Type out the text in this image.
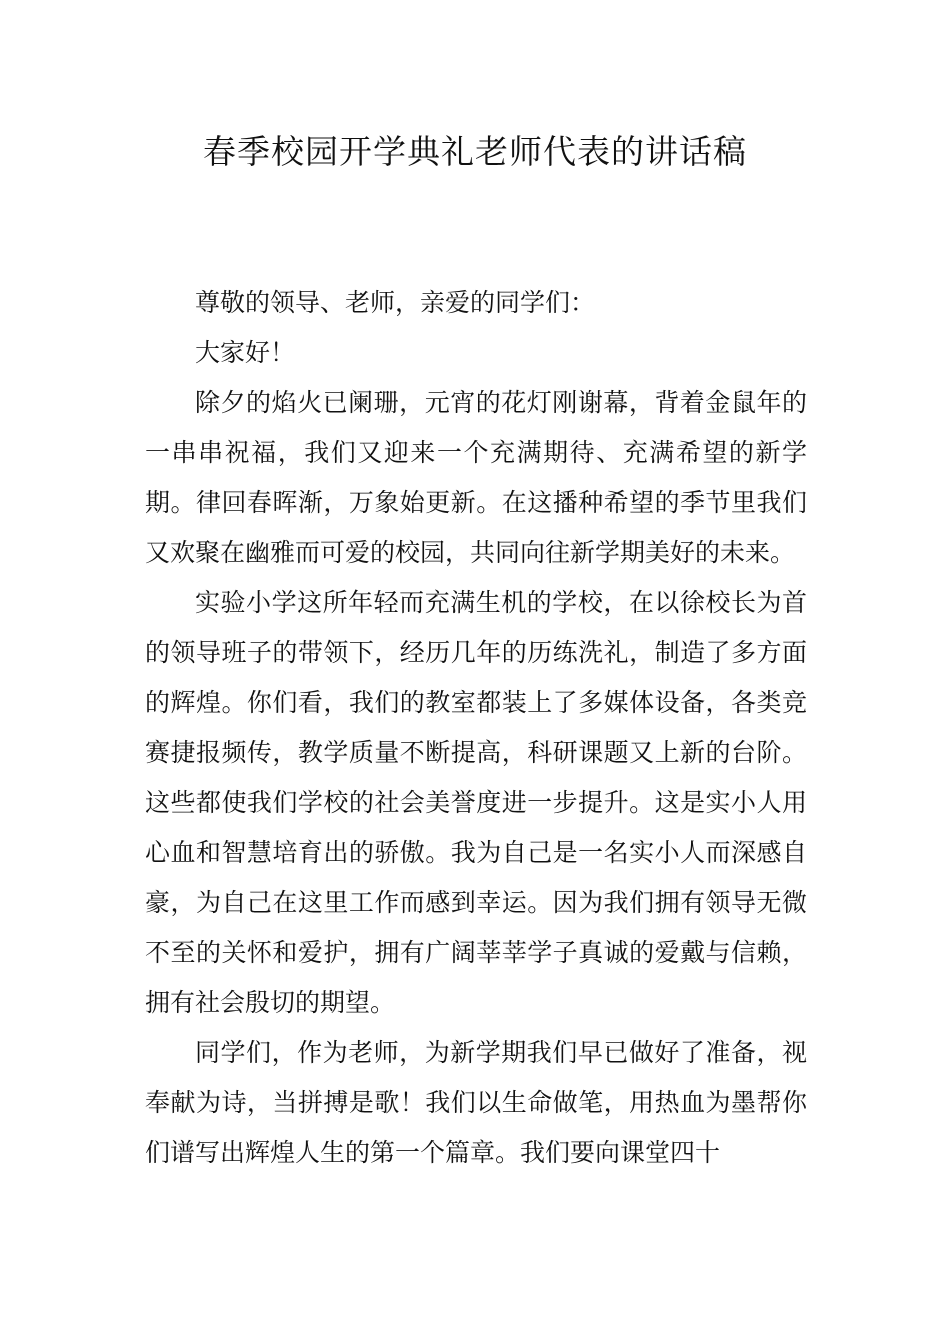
春季校园开学典礼老师代表的讲话稿

尊敬的领导、老师，亲爱的同学们：

大家好！

除夕的焰火已阑珊，元宵的花灯刚谢幕，背着金鼠年的一串串祝福，我们又迎来一个充满期待、充满希望的新学期。律回春晖渐，万象始更新。在这播种希望的季节里我们又欢聚在幽雅而可爱的校园，共同向往新学期美好的未来。

实验小学这所年轻而充满生机的学校，在以徐校长为首的领导班子的带领下，经历几年的历练洗礼，制造了多方面的辉煌。你们看，我们的教室都装上了多媒体设备，各类竞赛捷报频传，教学质量不断提高，科研课题又上新的台阶。这些都使我们学校的社会美誉度进一步提升。这是实小人用心血和智慧培育出的骄傲。我为自己是一名实小人而深感自豪，为自己在这里工作而感到幸运。因为我们拥有领导无微不至的关怀和爱护，拥有广阔莘莘学子真诚的爱戴与信赖，拥有社会殷切的期望。

同学们，作为老师，为新学期我们早已做好了准备，视奉献为诗，当拼搏是歌！我们以生命做笔，用热血为墨帮你们谱写出辉煌人生的第一个篇章。我们要向课堂四十
